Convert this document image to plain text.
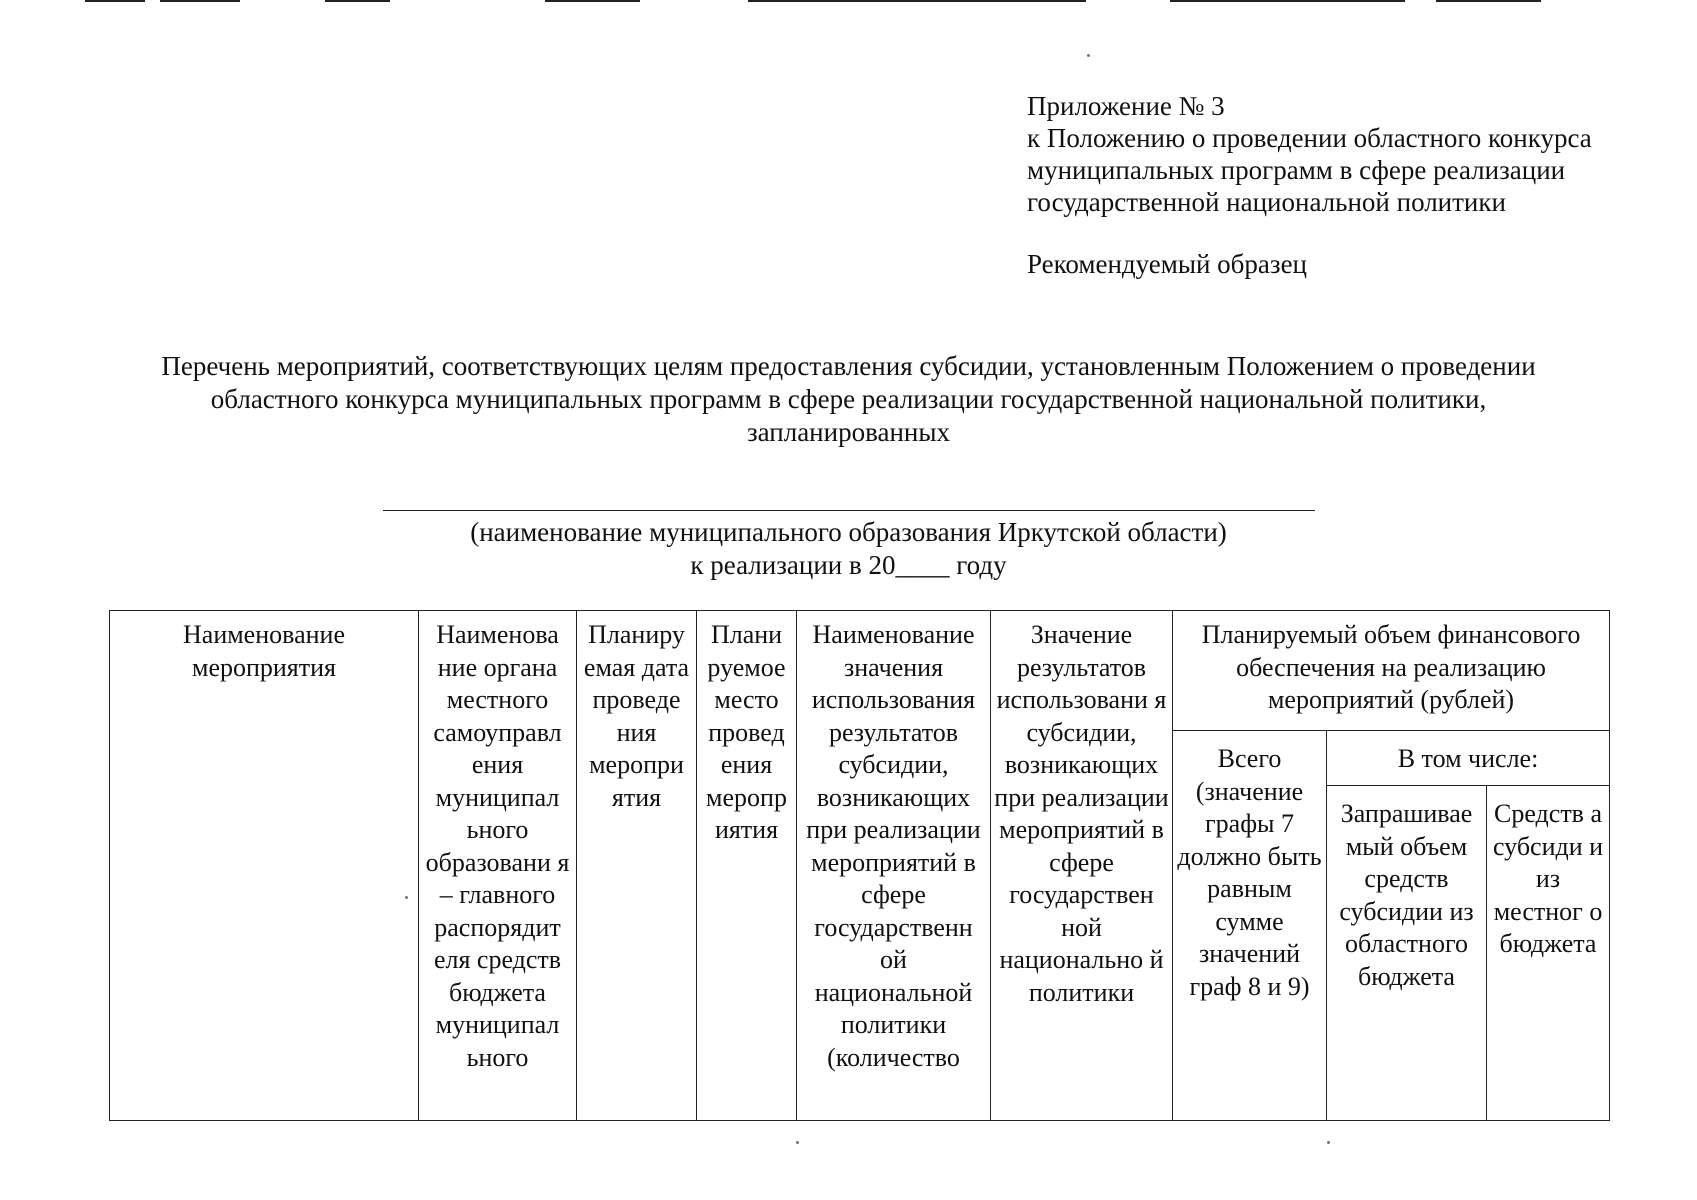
Приложение № 3
к Положению о проведении областного конкурса
муниципальных программ в сфере реализации
государственной национальной политики
Рекомендуемый образец
Перечень мероприятий, соответствующих целям предоставления субсидии, установленным Положением о проведении
областного конкурса муниципальных программ в сфере реализации государственной национальной политики,
запланированных
(наименование муниципального образования Иркутской области)
к реализации в 20____ году
Наименование мероприятия	Наименова ние органа местного самоуправл ения муниципал ьного образовани я – главного распорядит еля средств бюджета муниципал ьного	Планиру емая дата проведе ния меропри ятия	Плани руемое место провед ения меропр иятия	Наименование значения использования результатов субсидии, возникающих при реализации мероприятий в сфере государственн ой национальной политики (количество	Значение результатов использовани я субсидии, возникающих при реализации мероприятий в сфере государствен ной национально й политики	Планируемый объем финансового обеспечения на реализацию мероприятий (рублей)		
						Всего (значение графы 7 должно быть равным сумме значений граф 8 и 9)	В том числе:	
							Запрашивае мый объем средств субсидии из областного бюджета	Средств а субсиди и из местног о бюджета
